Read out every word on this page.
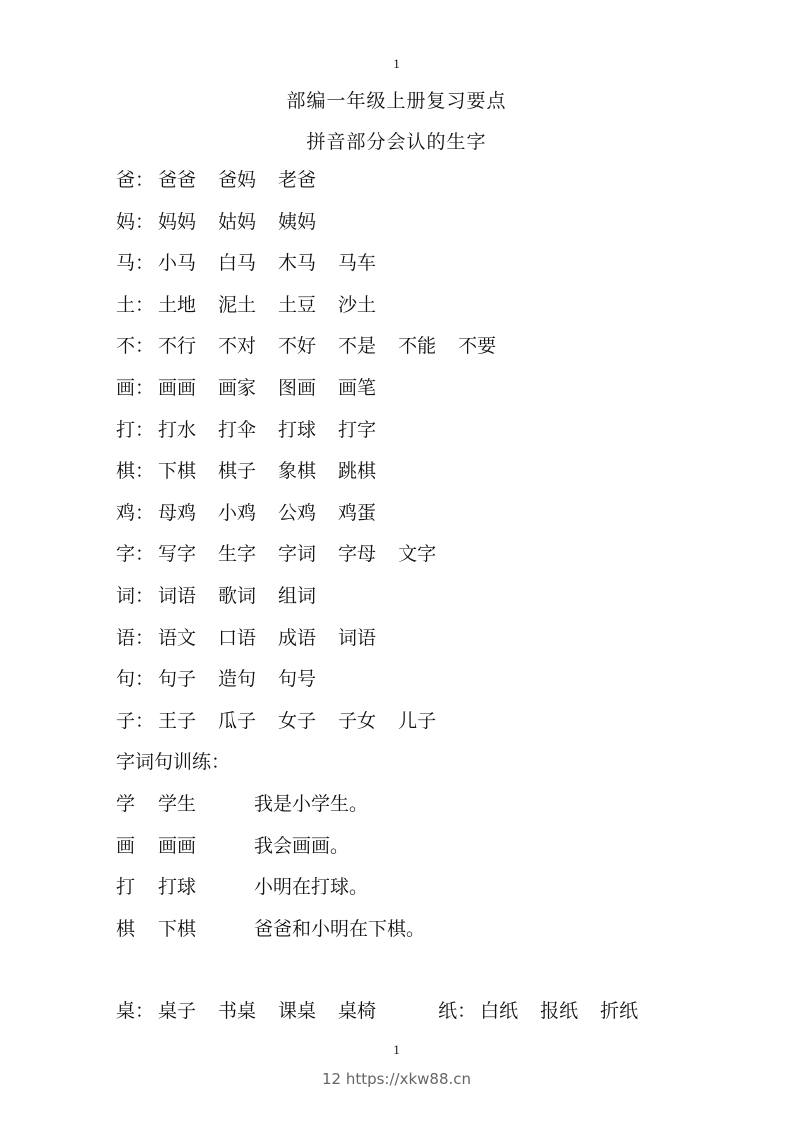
1
部编一年级上册复习要点
拼音部分会认的生字
爸： 爸爸 爸妈 老爸
妈： 妈妈 姑妈 姨妈
马： 小马 白马 木马 马车
土： 土地 泥土 土豆 沙土
不： 不行 不对 不好 不是 不能 不要
画： 画画 画家 图画 画笔
打： 打水 打伞 打球 打字
棋： 下棋 棋子 象棋 跳棋
鸡： 母鸡 小鸡 公鸡 鸡蛋
字： 写字 生字 字词 字母 文字
词： 词语 歌词 组词
语： 语文 口语 成语 词语
句： 句子 造句 句号
子： 王子 瓜子 女子 子女 儿子
字词句训练：
学 学生	我是小学生。
画 画画	我会画画。
打 打球	小明在打球。
棋 下棋	爸爸和小明在下棋。
桌： 桌子 书桌 课桌 桌椅	纸： 白纸 报纸 折纸
1
12 https://xkw88.cn
